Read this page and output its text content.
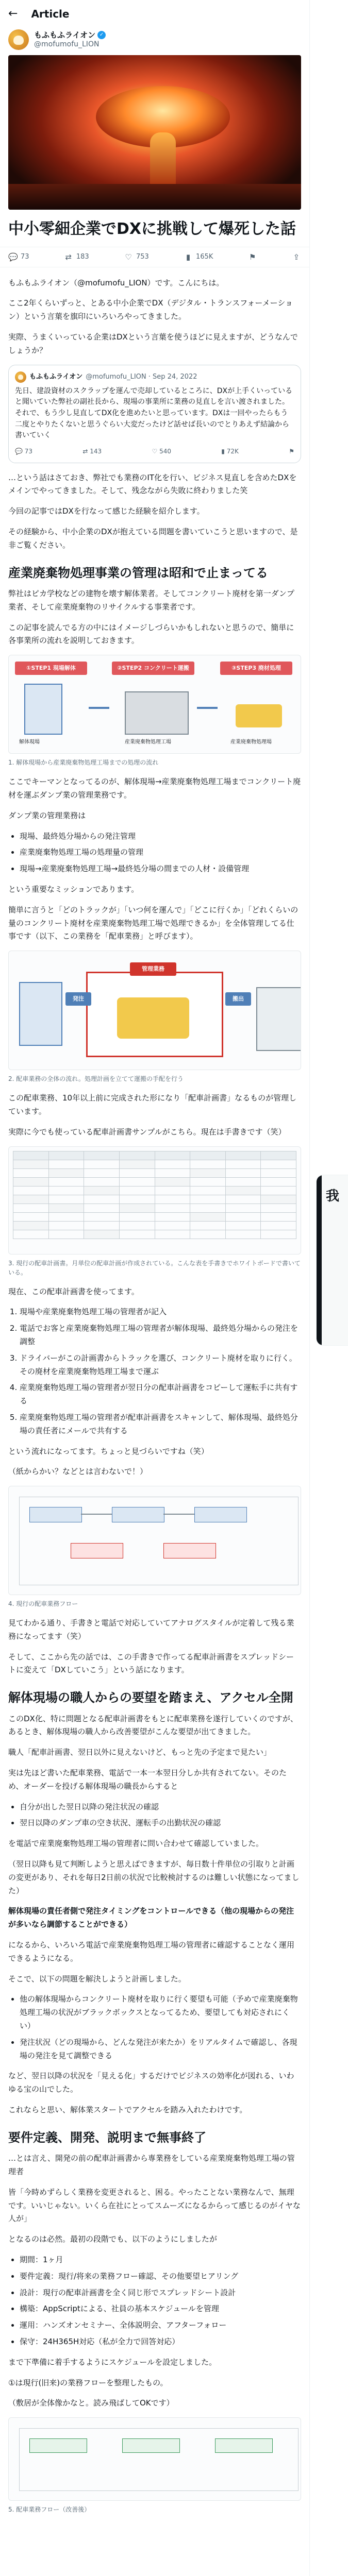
← Article
もふもふライオン ✓
@mofumofu_LION
中小零細企業でDXに挑戦して爆死した話
💬 73	⇄ 183	♡ 753	▮ 165K	⚑	⇪

もふもふライオン（@mofumofu_LION）です。こんにちは。

ここ2年くらいずっと、とある中小企業でDX（デジタル・トランスフォーメーション）という言葉を旗印にいろいろやってきました。

実際、うまくいっている企業はDXという言葉を使うほどに見えますが、どうなんでしょうか？

もふもふライオン @mofumofu_LION · Sep 24, 2022
先日、建設資材のスクラップを運んで売却しているところに、DXが上手くいっていると聞いていた弊社の副社長から、現場の事業所に業務の見直しを言い渡されました。それで、もう少し見直してDX化を進めたいと思っています。DXは一回やったらもう二度とやりたくないと思うぐらい大変だったけど話せば長いのでとりあえず結論から書いていく
💬 73	⇄ 143	♡ 540	▮ 72K	⚑

…という話はさておき、弊社でも業務のIT化を行い、ビジネス見直しを含めたDXをメインでやってきました。そして、残念ながら失敗に終わりました笑

今回の記事ではDXを行なって感じた経験を紹介します。

その経験から、中小企業のDXが抱えている問題を書いていこうと思いますので、是非ご覧ください。

産業廃棄物処理事業の管理は昭和で止まってる

弊社はピカ学校などの建物を壊す解体業者。そしてコンクリート廃材を第一ダンプ業者、そして産業廃棄物のリサイクルする事業者です。

この記事を読んでる方の中にはイメージしづらいかもしれないと思うので、簡単に各事業所の流れを説明しておきます。

①STEP1 現場解体	②STEP2 コンクリート運搬	③STEP3 廃材処理
解体現場	産業廃棄物処理工場	産業廃棄物処理場
1. 解体現場から産業廃棄物処理工場までの処理の流れ

ここでキーマンとなってるのが、解体現場→産業廃棄物処理工場までコンクリート廃材を運ぶダンプ業の管理業務です。

ダンプ業の管理業務は

• 現場、最終処分場からの発注管理
• 産業廃棄物処理工場の処理量の管理
• 現場→産業廃棄物処理工場→最終処分場の間までの人材・設備管理

という重要なミッションであります。

簡単に言うと「どのトラックが」「いつ何を運んで」「どこに行くか」「どれくらいの量のコンクリート廃材を産業廃棄物処理工場で処理できるか」を全体管理してる仕事です（以下、この業務を「配車業務」と呼びます）。

管理業務
発注	搬出
2. 配車業務の全体の流れ。処理計画を立てて運搬の手配を行う

この配車業務、10年以上前に完成された形になり「配車計画書」なるものが管理しています。

実際に今でも使っている配車計画書サンプルがこちら。現在は手書きです（笑）

3. 現行の配車計画書。月単位の配車計画が作成されている。こんな表を手書きでホワイトボードで書いている。

現在、この配車計画書を使ってます。

1. 現場や産業廃棄物処理工場の管理者が記入
2. 電話でお客と産業廃棄物処理工場の管理者が解体現場、最終処分場からの発注を調整
3. ドライバーがこの計画書からトラックを選び、コンクリート廃材を取りに行く。その廃材を産業廃棄物処理工場まで運ぶ
4. 産業廃棄物処理工場の管理者が翌日分の配車計画書をコピーして運転手に共有する
5. 産業廃棄物処理工場の管理者が配車計画書をスキャンして、解体現場、最終処分場の責任者にメールで共有する

という流れになってます。ちょっと見づらいですね（笑）

（紙からかい？などとは言わないで！）

4. 現行の配車業務フロー

見てわかる通り、手書きと電話で対応していてアナログスタイルが定着して残る業務になってます（笑）

そして、ここから先の話では、この手書きで作ってる配車計画書をスプレッドシートに変えて「DXしていこう」という話になります。

解体現場の職人からの要望を踏まえ、アクセル全開

このDX化、特に問題となる配車計画書をもとに配車業務を遂行していくのですが、あるとき、解体現場の職人から改善要望がこんな要望が出てきました。

職人「配車計画書、翌日以外に見えないけど、もっと先の予定まで見たい」

実は先ほど書いた配車業務、電話で一本一本翌日分しか共有されてない。そのため、オーダーを投げる解体現場の職長からすると

• 自分が出した翌日以降の発注状況の確認
• 翌日以降のダンプ車の空き状況、運転手の出勤状況の確認

を電話で産業廃棄物処理工場の管理者に問い合わせて確認していました。

（翌日以降も見て判断しようと思えばできますが、毎日数十件単位の引取りと計画の変更があり、それを毎日2日前の状況で比較検討するのは難しい状態になってました）

解体現場の責任者側で発注タイミングをコントロールできる（他の現場からの発注が多いなら調節することができる）

になるから、いろいろ電話で産業廃棄物処理工場の管理者に確認することなく運用できるようになる。

そこで、以下の問題を解決しようと計画しました。

• 他の解体現場からコンクリート廃材を取りに行く要望も可能（予めで産業廃棄物処理工場の状況がブラックボックスとなってるため、要望しても対応されにくい）
• 発注状況（どの現場から、どんな発注が来たか）をリアルタイムで確認し、各現場の発注を見て調整できる

など、翌日以降の状況を「見える化」するだけでビジネスの効率化が図れる、いわゆる宝の山でした。

これならと思い、解体業スタートでアクセルを踏み入れたわけです。

要件定義、開発、説明まで無事終了

…とは言え、開発の前の配車計画書から専業務をしている産業廃棄物処理工場の管理者

皆「今時めずらしく業務を変更されると、困る。やったことない業務なんで、無理です。いいじゃない。いくら在社にとってスムーズになるからって感じるのがイヤな人が」

となるのは必然。最初の段階でも、以下のようにしましたが

• 期間：1ヶ月
• 要件定義：現行/将来の業務フロー確認、その他要望ヒアリング
• 設計：現行の配車計画書を全く同じ形でスプレッドシート設計
• 構築：AppScriptによる、社員の基本スケジュールを管理
• 運用：ハンズオンセミナー、全体説明会、アフターフォロー
• 保守：24H365H対応（私が全力で回答対応）

まで下準備に着手するようにスケジュールを設定しました。

①は現行(旧来)の業務フローを整理したもの。

（敷居が全体像かなと。読み飛ばしてOKです）

5. 配車業務フロー（改善後）
我
